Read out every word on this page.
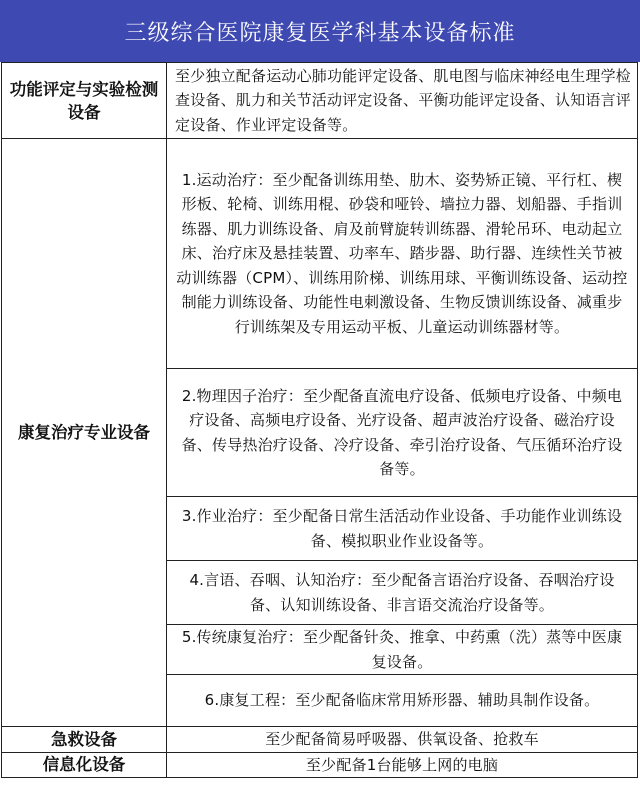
三级综合医院康复医学科基本设备标准
功能评定与实验检测设备	至少独立配备运动心肺功能评定设备、肌电图与临床神经电生理学检查设备、肌力和关节活动评定设备、平衡功能评定设备、认知语言评定设备、作业评定设备等。
康复治疗专业设备	1.运动治疗：至少配备训练用垫、肋木、姿势矫正镜、平行杠、楔形板、轮椅、训练用棍、砂袋和哑铃、墙拉力器、划船器、手指训练器、肌力训练设备、肩及前臂旋转训练器、滑轮吊环、电动起立床、治疗床及悬挂装置、功率车、踏步器、助行器、连续性关节被动训练器（CPM）、训练用阶梯、训练用球、平衡训练设备、运动控制能力训练设备、功能性电刺激设备、生物反馈训练设备、减重步行训练架及专用运动平板、儿童运动训练器材等。
	2.物理因子治疗：至少配备直流电疗设备、低频电疗设备、中频电疗设备、高频电疗设备、光疗设备、超声波治疗设备、磁治疗设备、传导热治疗设备、冷疗设备、牵引治疗设备、气压循环治疗设备等。
	3.作业治疗：至少配备日常生活活动作业设备、手功能作业训练设备、模拟职业作业设备等。
	4.言语、吞咽、认知治疗：至少配备言语治疗设备、吞咽治疗设备、认知训练设备、非言语交流治疗设备等。
	5.传统康复治疗：至少配备针灸、推拿、中药熏（洗）蒸等中医康复设备。
	6.康复工程：至少配备临床常用矫形器、辅助具制作设备。
急救设备	至少配备简易呼吸器、供氧设备、抢救车
信息化设备	至少配备1台能够上网的电脑
